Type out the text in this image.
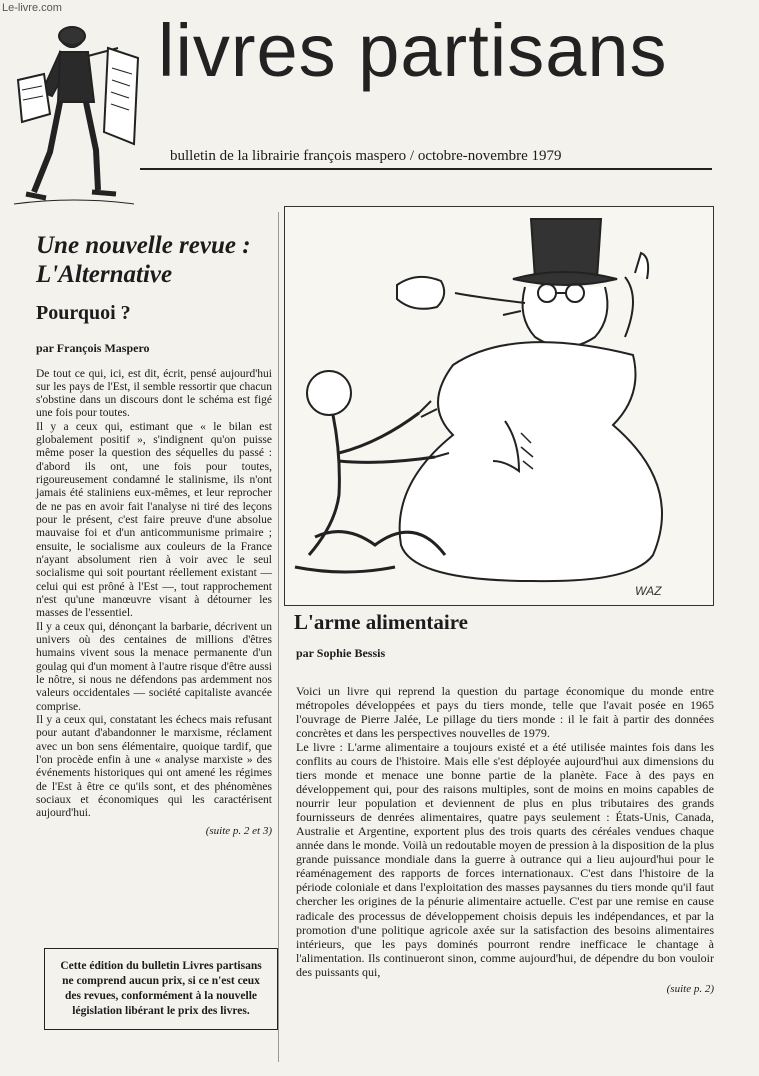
Le-livre.com
livres partisans
bulletin de la librairie françois maspero / octobre-novembre 1979
Une nouvelle revue : L'Alternative
Pourquoi ?
par François Maspero

De tout ce qui, ici, est dit, écrit, pensé aujourd'hui sur les pays de l'Est, il semble ressortir que chacun s'obstine dans un discours dont le schéma est figé une fois pour toutes.

Il y a ceux qui, estimant que « le bilan est globalement positif », s'indignent qu'on puisse même poser la question des séquelles du passé : d'abord ils ont, une fois pour toutes, rigoureusement condamné le stalinisme, ils n'ont jamais été staliniens eux-mêmes, et leur reprocher de ne pas en avoir fait l'analyse ni tiré des leçons pour le présent, c'est faire preuve d'une absolue mauvaise foi et d'un anticommunisme primaire ; ensuite, le socialisme aux couleurs de la France n'ayant absolument rien à voir avec le seul socialisme qui soit pourtant réellement existant — celui qui est prôné à l'Est —, tout rapprochement n'est qu'une manœuvre visant à détourner les masses de l'essentiel.

Il y a ceux qui, dénonçant la barbarie, décrivent un univers où des centaines de millions d'êtres humains vivent sous la menace permanente d'un goulag qui d'un moment à l'autre risque d'être aussi le nôtre, si nous ne défendons pas ardemment nos valeurs occidentales — société capitaliste avancée comprise.

Il y a ceux qui, constatant les échecs mais refusant pour autant d'abandonner le marxisme, réclament avec un bon sens élémentaire, quoique tardif, que l'on procède enfin à une « analyse marxiste » des événements historiques qui ont amené les régimes de l'Est à être ce qu'ils sont, et des phénomènes sociaux et économiques qui les caractérisent aujourd'hui.

(suite p. 2 et 3)
Cette édition du bulletin Livres partisans ne comprend aucun prix, si ce n'est ceux des revues, conformément à la nouvelle législation libérant le prix des livres.
WAZ
L'arme alimentaire
par Sophie Bessis

Voici un livre qui reprend la question du partage économique du monde entre métropoles développées et pays du tiers monde, telle que l'avait posée en 1965 l'ouvrage de Pierre Jalée, Le pillage du tiers monde : il le fait à partir des données concrètes et dans les perspectives nouvelles de 1979.

Le livre : L'arme alimentaire a toujours existé et a été utilisée maintes fois dans les conflits au cours de l'histoire. Mais elle s'est déployée aujourd'hui aux dimensions du tiers monde et menace une bonne partie de la planète. Face à des pays en développement qui, pour des raisons multiples, sont de moins en moins capables de nourrir leur population et deviennent de plus en plus tributaires des grands fournisseurs de denrées alimentaires, quatre pays seulement : États-Unis, Canada, Australie et Argentine, exportent plus des trois quarts des céréales vendues chaque année dans le monde. Voilà un redoutable moyen de pression à la disposition de la plus grande puissance mondiale dans la guerre à outrance qui a lieu aujourd'hui pour le réaménagement des rapports de forces internationaux. C'est dans l'histoire de la période coloniale et dans l'exploitation des masses paysannes du tiers monde qu'il faut chercher les origines de la pénurie alimentaire actuelle. C'est par une remise en cause radicale des processus de développement choisis depuis les indépendances, et par la promotion d'une politique agricole axée sur la satisfaction des besoins alimentaires intérieurs, que les pays dominés pourront rendre inefficace le chantage à l'alimentation. Ils continueront sinon, comme aujourd'hui, de dépendre du bon vouloir des puissants qui,

(suite p. 2)
